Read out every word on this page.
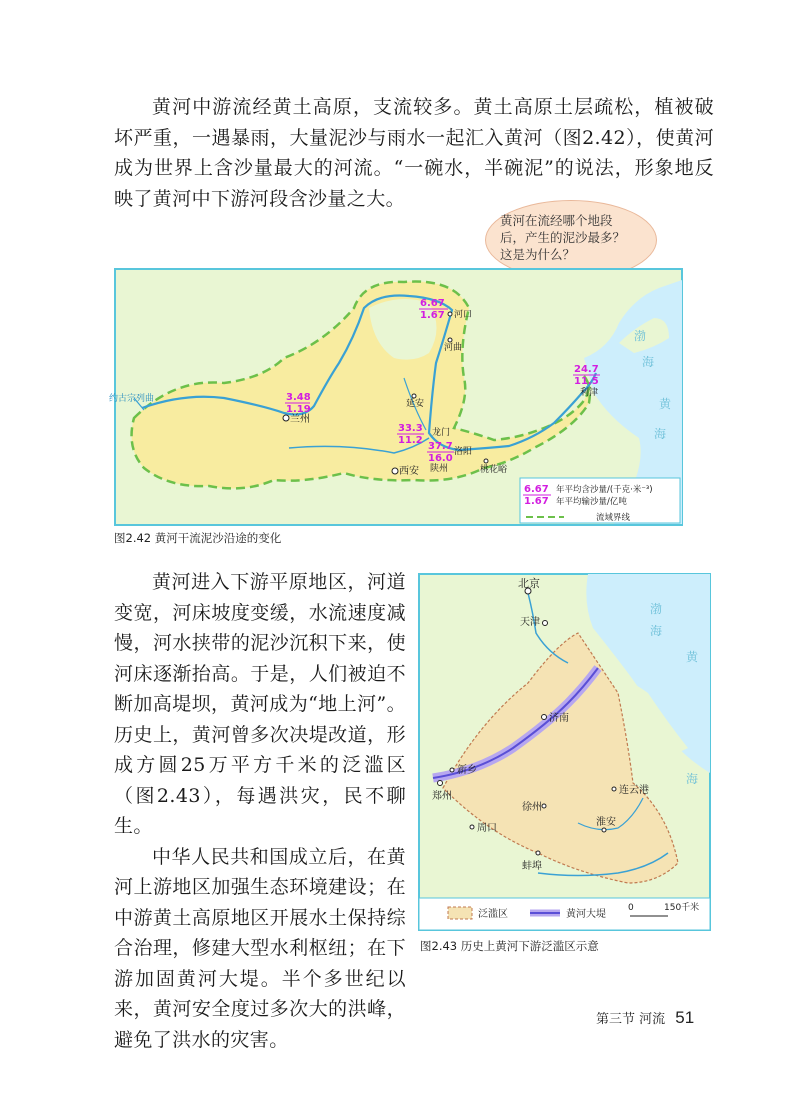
黄河中游流经黄土高原，支流较多。黄土高原土层疏松，植被破坏严重，一遇暴雨，大量泥沙与雨水一起汇入黄河（图2.42），使黄河成为世界上含沙量最大的河流。“一碗水，半碗泥”的说法，形象地反映了黄河中下游河段含沙量之大。

黄河在流经哪个地段
后，产生的泥沙最多？
这是为什么？
约古宗列曲
河口
河曲
延安
兰州
龙门
洛阳
陕州	桃花峪
西安
利津
6.67
1.67
3.48
1.19
33.3
11.2
37.7
16.0
24.7
11.5
渤
海
黄
海
6.67
1.67
年平均含沙量/(千克·米⁻³)
年平均输沙量/亿吨
流域界线
图2.42 黄河干流泥沙沿途的变化

黄河进入下游平原地区，河道变宽，河床坡度变缓，水流速度减慢，河水挟带的泥沙沉积下来，使河床逐渐抬高。于是，人们被迫不断加高堤坝，黄河成为“地上河”。历史上，黄河曾多次决堤改道，形成方圆25万平方千米的泛滥区（图2.43），每遇洪灾，民不聊生。

中华人民共和国成立后，在黄河上游地区加强生态环境建设；在中游黄土高原地区开展水土保持综合治理，修建大型水利枢纽；在下游加固黄河大堤。半个多世纪以来，黄河安全度过多次大的洪峰，避免了洪水的灾害。

北京
天津
济南
新乡
郑州
徐州
连云港
周口
淮安
蚌埠
渤
海
黄
海
泛滥区	黄河大堤
0	150千米
图2.43 历史上黄河下游泛滥区示意
第三节 河流 51
